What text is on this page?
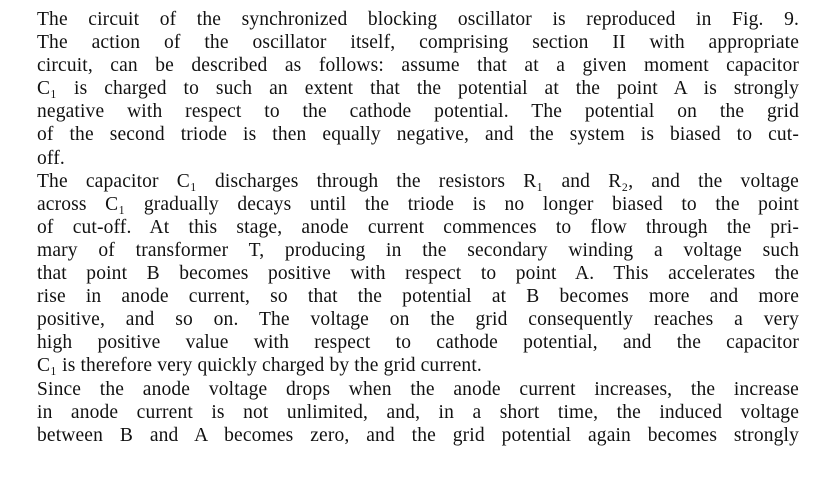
The circuit of the synchronized blocking oscillator is reproduced in Fig. 9.
The action of the oscillator itself, comprising section II with appropriate
circuit, can be described as follows: assume that at a given moment capacitor
C₁ is charged to such an extent that the potential at the point A is strongly
negative with respect to the cathode potential. The potential on the grid
of the second triode is then equally negative, and the system is biased to cut-
off.
The capacitor C₁ discharges through the resistors R₁ and R₂, and the voltage
across C₁ gradually decays until the triode is no longer biased to the point
of cut-off. At this stage, anode current commences to flow through the pri-
mary of transformer T, producing in the secondary winding a voltage such
that point B becomes positive with respect to point A. This accelerates the
rise in anode current, so that the potential at B becomes more and more
positive, and so on. The voltage on the grid consequently reaches a very
high positive value with respect to cathode potential, and the capacitor
C₁ is therefore very quickly charged by the grid current.
Since the anode voltage drops when the anode current increases, the increase
in anode current is not unlimited, and, in a short time, the induced voltage
between B and A becomes zero, and the grid potential again becomes strongly
